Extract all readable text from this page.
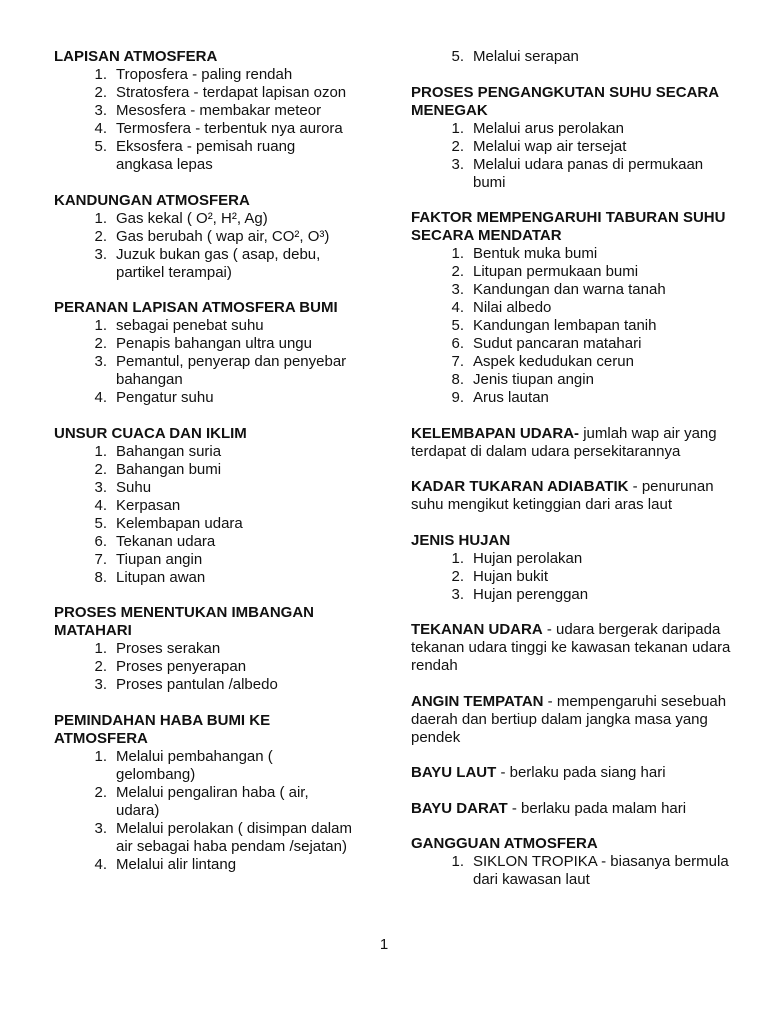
LAPISAN ATMOSFERA
1. Troposfera - paling rendah
2. Stratosfera - terdapat lapisan ozon
3. Mesosfera - membakar meteor
4. Termosfera - terbentuk nya aurora
5. Eksosfera - pemisah ruang angkasa lepas
KANDUNGAN ATMOSFERA
1. Gas kekal ( O², H², Ag)
2. Gas berubah ( wap air, CO², O³)
3. Juzuk bukan gas ( asap, debu, partikel terampai)
PERANAN LAPISAN ATMOSFERA BUMI
1. sebagai penebat suhu
2. Penapis bahangan ultra ungu
3. Pemantul, penyerap dan penyebar bahangan
4. Pengatur suhu
UNSUR CUACA DAN IKLIM
1. Bahangan suria
2. Bahangan bumi
3. Suhu
4. Kerpasan
5. Kelembapan udara
6. Tekanan udara
7. Tiupan angin
8. Litupan awan
PROSES MENENTUKAN IMBANGAN MATAHARI
1. Proses serakan
2. Proses penyerapan
3. Proses pantulan /albedo
PEMINDAHAN HABA BUMI KE ATMOSFERA
1. Melalui pembahangan ( gelombang)
2. Melalui pengaliran haba ( air, udara)
3. Melalui perolakan ( disimpan dalam air sebagai haba pendam /sejatan)
4. Melalui alir lintang
5. Melalui serapan
PROSES PENGANGKUTAN SUHU SECARA MENEGAK
1. Melalui arus perolakan
2. Melalui wap air tersejat
3. Melalui udara panas di permukaan bumi
FAKTOR MEMPENGARUHI TABURAN SUHU SECARA MENDATAR
1. Bentuk muka bumi
2. Litupan permukaan bumi
3. Kandungan dan warna tanah
4. Nilai albedo
5. Kandungan lembapan tanih
6. Sudut pancaran matahari
7. Aspek kedudukan cerun
8. Jenis tiupan angin
9. Arus lautan
KELEMBAPAN UDARA- jumlah wap air yang terdapat di dalam udara persekitarannya
KADAR TUKARAN ADIABATIK - penurunan suhu mengikut ketinggian dari aras laut
JENIS HUJAN
1. Hujan perolakan
2. Hujan bukit
3. Hujan perenggan
TEKANAN UDARA - udara bergerak daripada tekanan udara tinggi ke kawasan tekanan udara rendah
ANGIN TEMPATAN - mempengaruhi sesebuah daerah dan bertiup dalam jangka masa yang pendek
BAYU LAUT - berlaku pada siang hari
BAYU DARAT - berlaku pada malam hari
GANGGUAN ATMOSFERA
1. SIKLON TROPIKA - biasanya bermula dari kawasan laut
1
